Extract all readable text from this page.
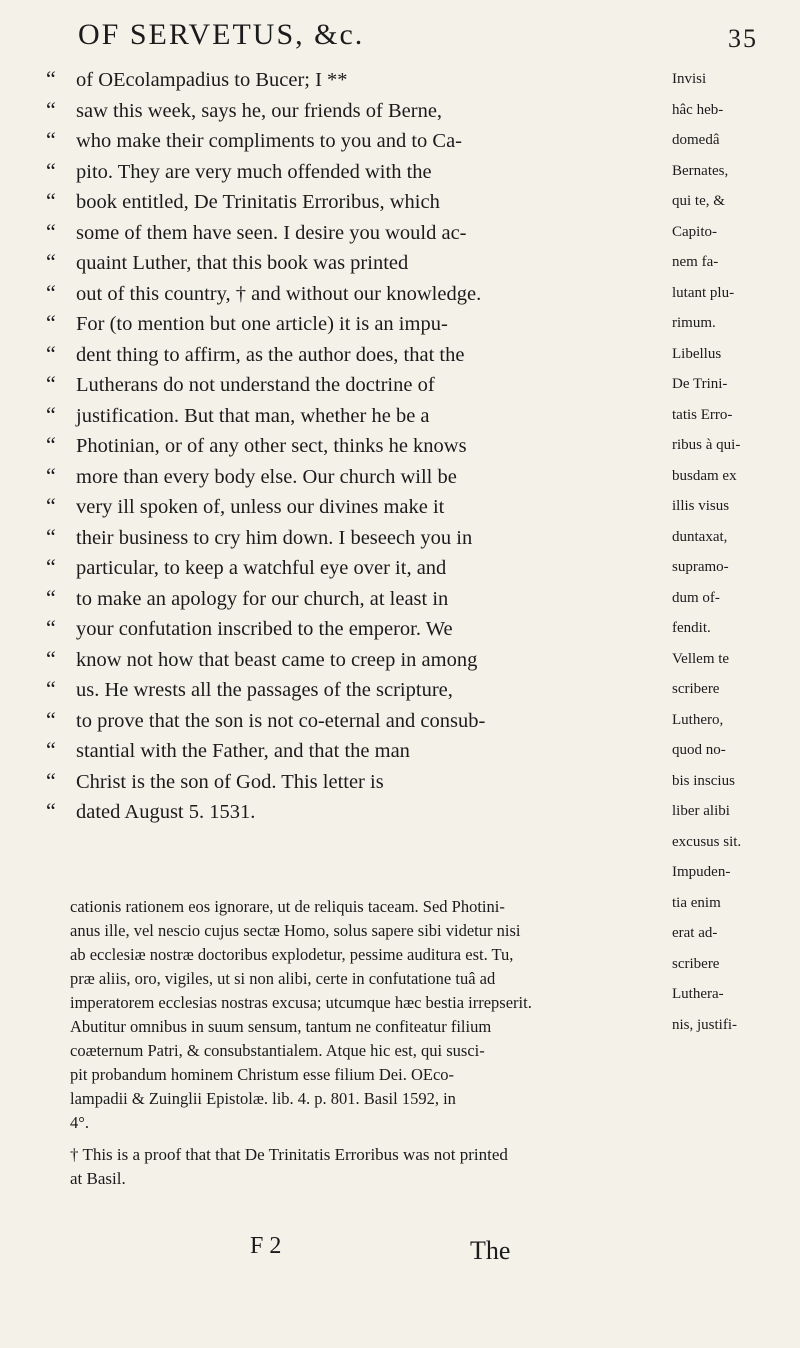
OF SERVETUS, &c.	35
“ of OEcolampadius to Bucer; I **
“ saw this week, says he, our friends of Berne,
“ who make their compliments to you and to Ca-
“ pito. They are very much offended with the
“ book entitled, De Trinitatis Erroribus, which
“ some of them have seen. I desire you would ac-
“ quaint Luther, that this book was printed
“ out of this country, † and without our knowledge.
“ For (to mention but one article) it is an impu-
“ dent thing to affirm, as the author does, that the
“ Lutherans do not understand the doctrine of
“ justification. But that man, whether he be a
“ Photinian, or of any other sect, thinks he knows
“ more than every body else. Our church will be
“ very ill spoken of, unless our divines make it
“ their business to cry him down. I beseech you in
“ particular, to keep a watchful eye over it, and
“ to make an apology for our church, at least in
“ your confutation inscribed to the emperor. We
“ know not how that beast came to creep in among
“ us. He wrests all the passages of the scripture,
“ to prove that the son is not co-eternal and consub-
“ stantial with the Father, and that the man
“ Christ is the son of God. This letter is
“ dated August 5. 1531.
Invisi
hâc heb-
domedâ
Bernates,
qui te, &
Capito-
nem fa-
lutant plu-
rimum.
Libellus
De Trini-
tatis Erro-
ribus à qui-
busdam ex
illis visus
duntaxat,
supramo-
dum of-
fendit.
Vellem te
scribere
Luthero,
quod no-
bis inscius
liber alibi
excusus sit.
Impuden-
tia enim
erat ad-
scribere
Luthera-
nis, justifi-
cationis rationem eos ignorare, ut de reliquis taceam. Sed Photini-
anus ille, vel nescio cujus sectæ Homo, solus sapere sibi videtur nisi
ab ecclesiæ nostræ doctoribus explodetur, pessime auditura est. Tu,
præ aliis, oro, vigiles, ut si non alibi, certe in confutatione tuâ ad
imperatorem ecclesias nostras excusa; utcumque hæc bestia irrepserit.
Abutitur omnibus in suum sensum, tantum ne confiteatur filium
coæternum Patri, & consubstantialem. Atque hic est, qui susci-
pit probandum hominem Christum esse filium Dei. OEco-
lampadii & Zuinglii Epistolæ. lib. 4. p. 801. Basil 1592, in
4°.
† This is a proof that that De Trinitatis Erroribus was not printed
at Basil.
F 2	The
